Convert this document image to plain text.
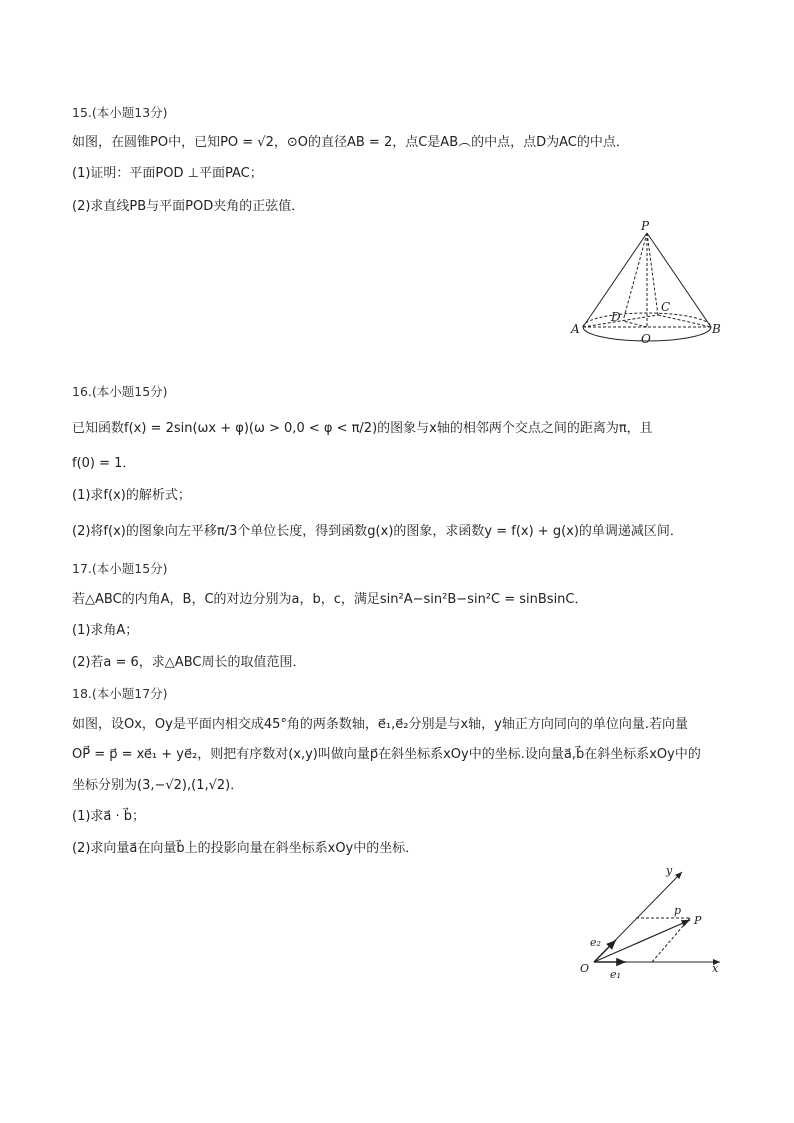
15.(本小题13分)
如图，在圆锥PO中，已知PO = √2，⊙O的直径AB = 2，点C是AB︵的中点，点D为AC的中点．
(1)证明：平面POD ⊥平面PAC；
(2)求直线PB与平面POD夹角的正弦值．
P
A	B
C
D
O
16.(本小题15分)
已知函数f(x) = 2sin(ωx + φ)(ω > 0,0 < φ < π/2)的图象与x轴的相邻两个交点之间的距离为π，且
f(0) = 1．
(1)求f(x)的解析式；
(2)将f(x)的图象向左平移π/3个单位长度，得到函数g(x)的图象，求函数y = f(x) + g(x)的单调递减区间．
17.(本小题15分)
若△ABC的内角A，B，C的对边分别为a，b，c，满足sin²A−sin²B−sin²C = sinBsinC．
(1)求角A；
(2)若a = 6，求△ABC周长的取值范围．
18.(本小题17分)
如图，设Ox，Oy是平面内相交成45°角的两条数轴，e⃗₁,e⃗₂分别是与x轴，y轴正方向同向的单位向量.若向量
OP⃗ = p⃗ = xe⃗₁ + ye⃗₂，则把有序数对(x,y)叫做向量p⃗在斜坐标系xOy中的坐标.设向量a⃗,b⃗在斜坐标系xOy中的
坐标分别为(3,−√2),(1,√2)．
(1)求a⃗ · b⃗；
(2)求向量a⃗在向量b⃗上的投影向量在斜坐标系xOy中的坐标．
y
x
O
P
p
e₁
e₂
